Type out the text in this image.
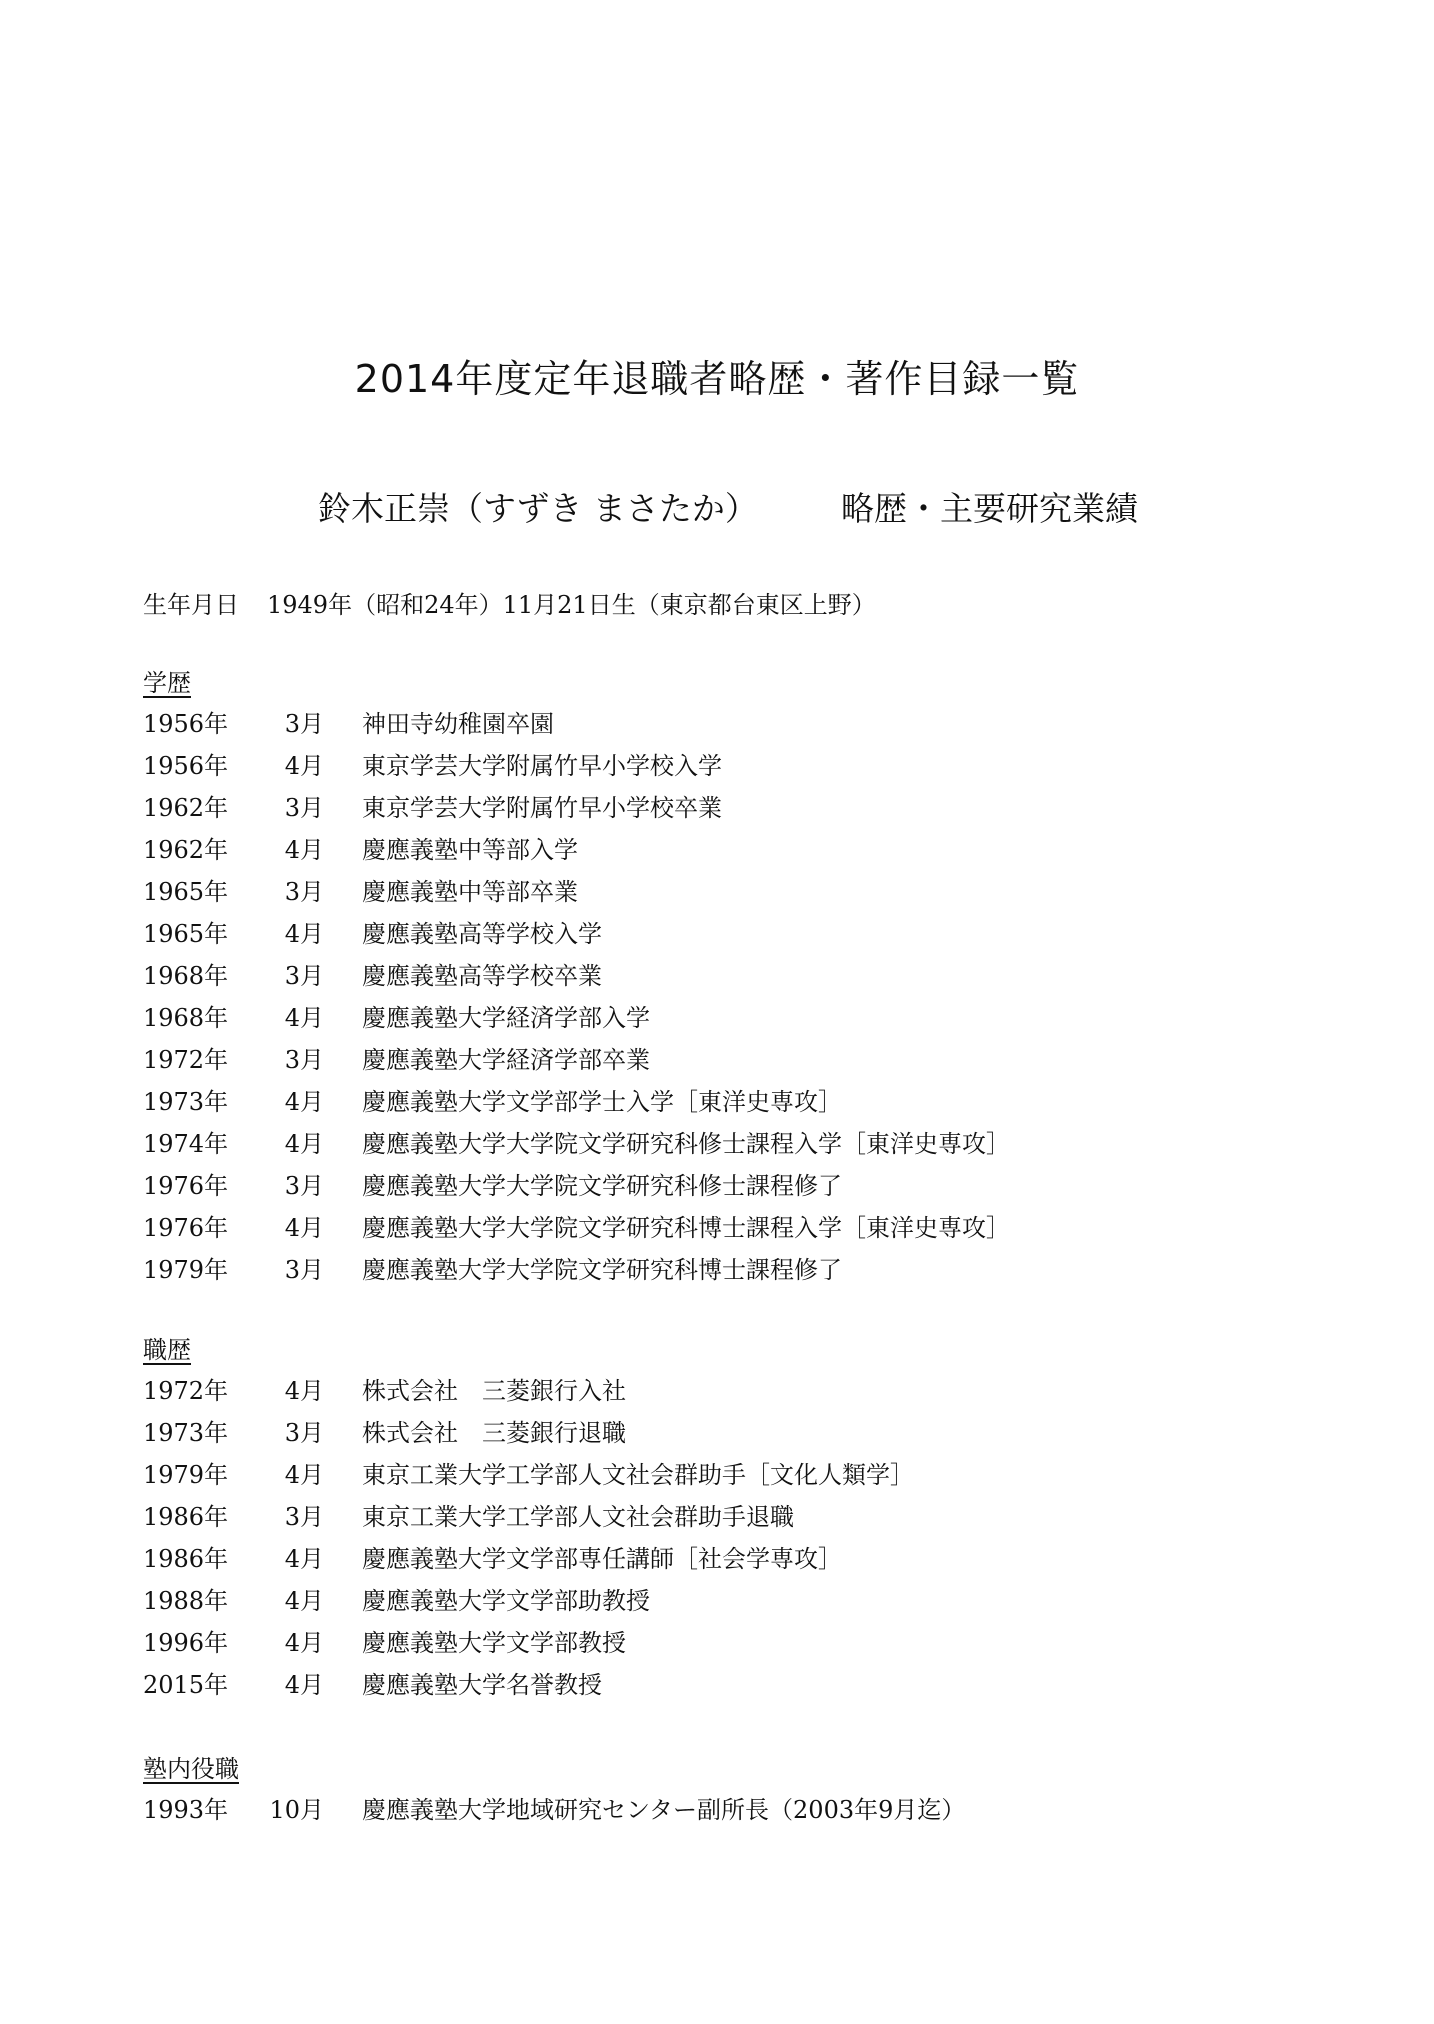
2014年度定年退職者略歴・著作目録一覧
鈴木正崇（すずき まさたか）	略歴・主要研究業績
生年月日 1949年（昭和24年）11月21日生（東京都台東区上野）
学歴
1956年	3月	神田寺幼稚園卒園
1956年	4月	東京学芸大学附属竹早小学校入学
1962年	3月	東京学芸大学附属竹早小学校卒業
1962年	4月	慶應義塾中等部入学
1965年	3月	慶應義塾中等部卒業
1965年	4月	慶應義塾高等学校入学
1968年	3月	慶應義塾高等学校卒業
1968年	4月	慶應義塾大学経済学部入学
1972年	3月	慶應義塾大学経済学部卒業
1973年	4月	慶應義塾大学文学部学士入学［東洋史専攻］
1974年	4月	慶應義塾大学大学院文学研究科修士課程入学［東洋史専攻］
1976年	3月	慶應義塾大学大学院文学研究科修士課程修了
1976年	4月	慶應義塾大学大学院文学研究科博士課程入学［東洋史専攻］
1979年	3月	慶應義塾大学大学院文学研究科博士課程修了
職歴
1972年	4月	株式会社　三菱銀行入社
1973年	3月	株式会社　三菱銀行退職
1979年	4月	東京工業大学工学部人文社会群助手［文化人類学］
1986年	3月	東京工業大学工学部人文社会群助手退職
1986年	4月	慶應義塾大学文学部専任講師［社会学専攻］
1988年	4月	慶應義塾大学文学部助教授
1996年	4月	慶應義塾大学文学部教授
2015年	4月	慶應義塾大学名誉教授
塾内役職
1993年	10月	慶應義塾大学地域研究センター副所長（2003年9月迄）
